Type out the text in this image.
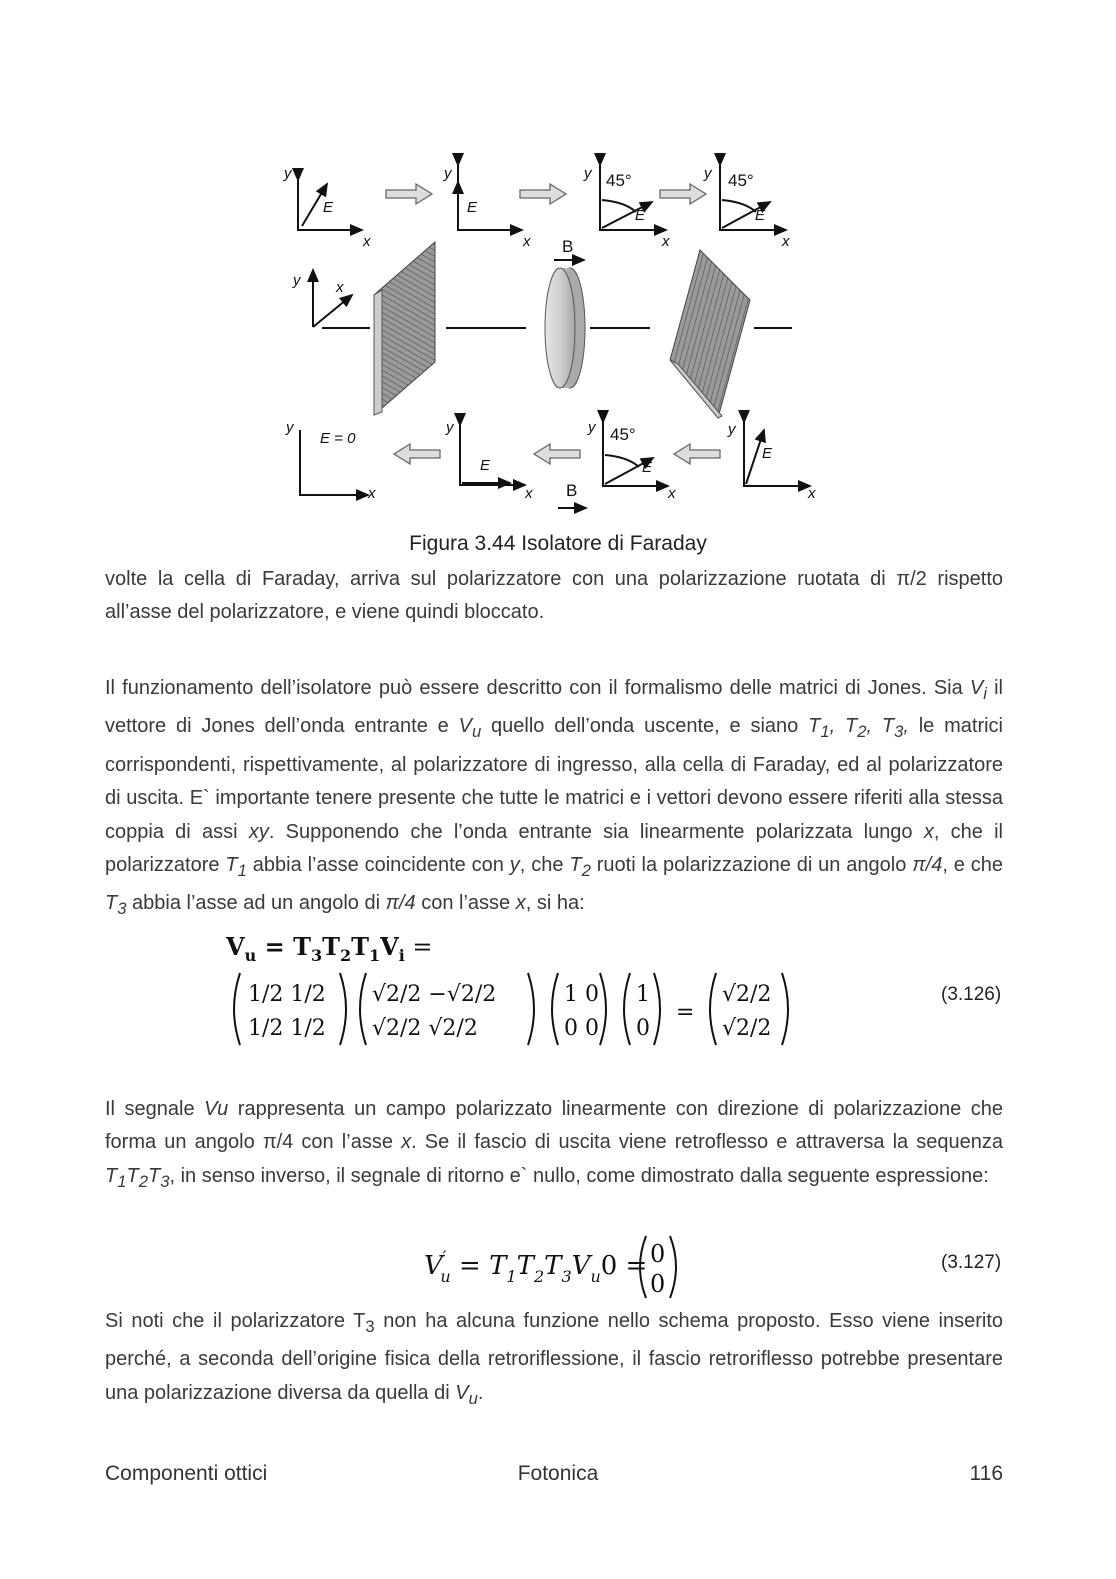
y
x
E
y
x
E
y
x
E
y
x
E
y x
y
x
E = 0
y
x
E
y
x
E
y
x
E
45°	45°
45°
B
B
Figura 3.44 Isolatore di Faraday

volte la cella di Faraday, arriva sul polarizzatore con una polarizzazione ruotata di π/2 rispetto all’asse del polarizzatore, e viene quindi bloccato.

Il funzionamento dell’isolatore può essere descritto con il formalismo delle matrici di Jones. Sia $V_i$ il vettore di Jones dell’onda entrante e $V_u$ quello dell’onda uscente, e siano $T_1$, $T_2$, $T_3$, le matrici corrispondenti, rispettivamente, al polarizzatore di ingresso, alla cella di Faraday, ed al polarizzatore di uscita. E` importante tenere presente che tutte le matrici e i vettori devono essere riferiti alla stessa coppia di assi xy. Supponendo che l’onda entrante sia linearmente polarizzata lungo x, che il polarizzatore $T_1$ abbia l’asse coincidente con y, che $T_2$ ruoti la polarizzazione di un angolo π/4, e che $T_3$ abbia l’asse ad un angolo di π/4 con l’asse x, si ha:

$V_u = T_3T_2T_1V_i$ =
1/2 1/2
1/2 1/2
√2/2 −√2/2
√2/2 √2/2
1 0
0 0
1
0
=
√2/2
√2/2
(3.126)

Il segnale Vu rappresenta un campo polarizzato linearmente con direzione di polarizzazione che forma un angolo π/4 con l’asse x. Se il fascio di uscita viene retrofl​esso e attraversa la sequenza $T_1T_2T_3$, in senso inverso, il segnale di ritorno e` nullo, come dimostrato dalla seguente espressione:

V′ $u = T_1T_2T_3V_u0 = 0$
0
(3.127)

Si noti che il polarizzatore $T_3$ non ha alcuna funzione nello schema proposto. Esso viene inserito perché, a seconda dell’origine fisica della retroriflessione, il fascio retroriflesso potrebbe presentare una polarizzazione diversa da quella di $V_u$.

Componenti ottici	Fotonica	116
